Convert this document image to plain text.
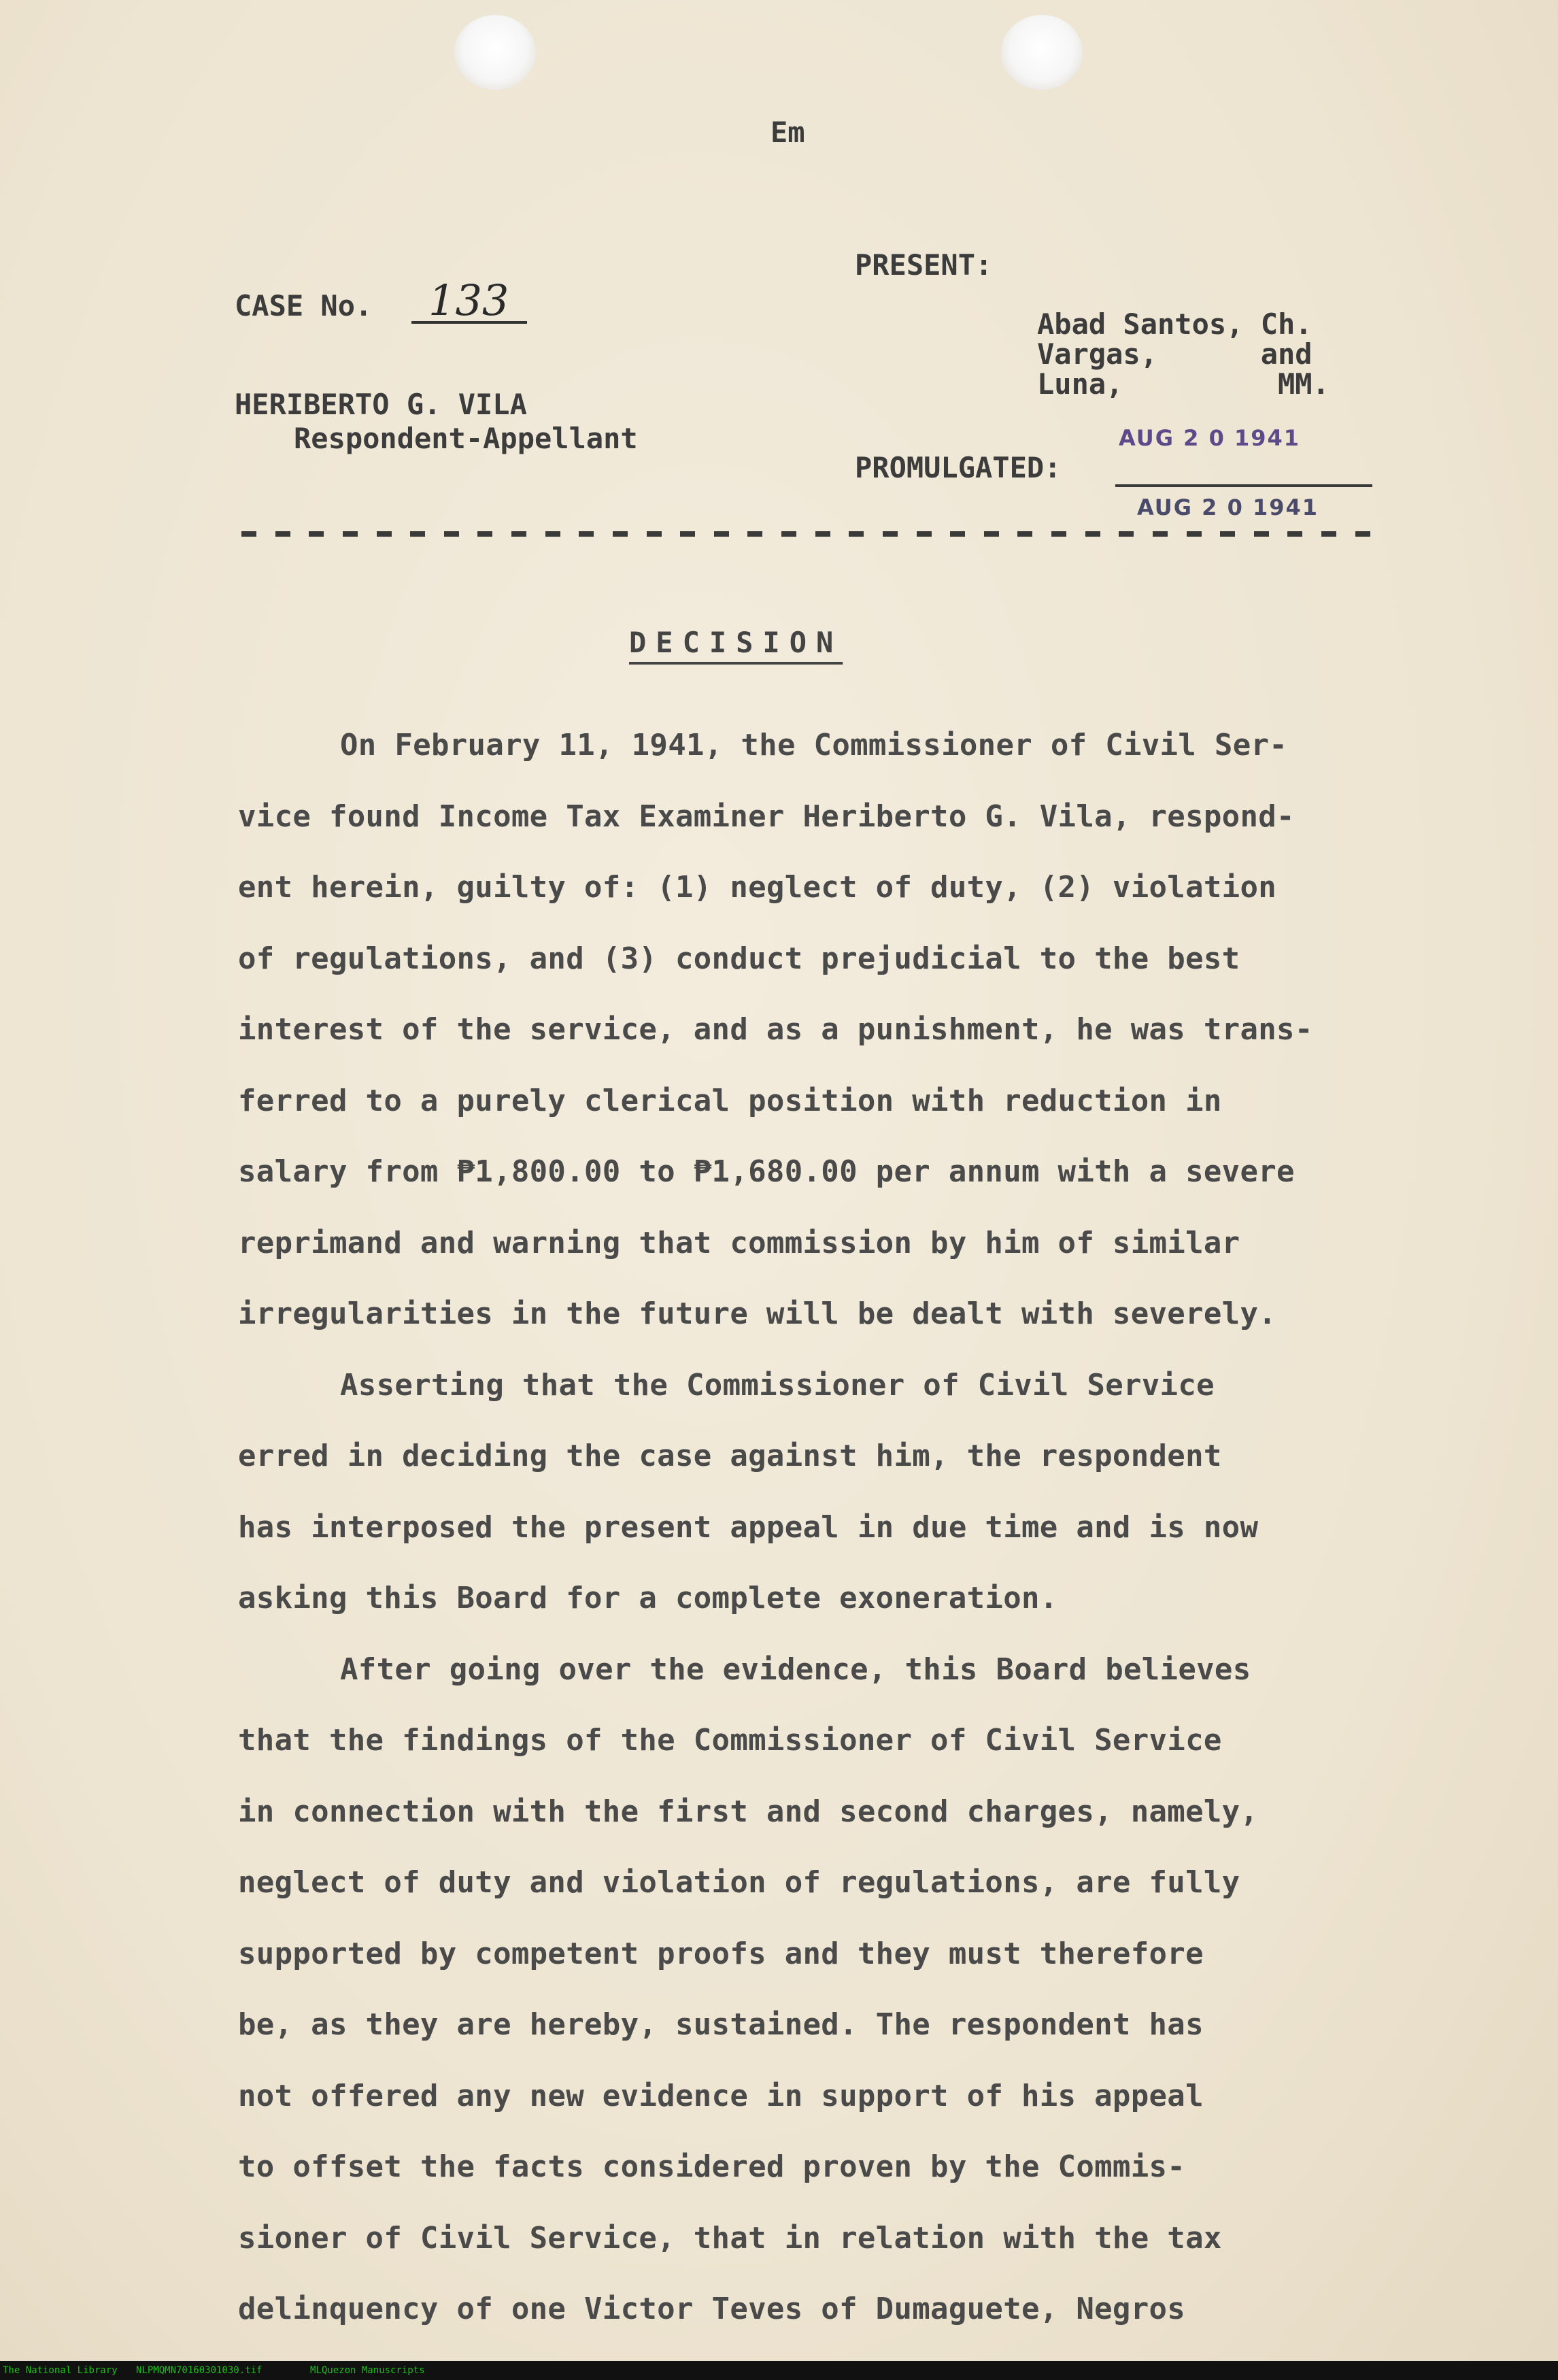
Em
CASE No. 133
PRESENT:
Abad Santos, Ch.
Vargas,      and
Luna,         MM.
HERIBERTO G. VILA
Respondent-Appellant
PROMULGATED:
AUG 2 0 1941
AUG 2 0 1941
DECISION
On February 11, 1941, the Commissioner of Civil Ser-
vice found Income Tax Examiner Heriberto G. Vila, respond-
ent herein, guilty of: (1) neglect of duty, (2) violation
of regulations, and (3) conduct prejudicial to the best
interest of the service, and as a punishment, he was trans-
ferred to a purely clerical position with reduction in
salary from ₱1,800.00 to ₱1,680.00 per annum with a severe
reprimand and warning that commission by him of similar
irregularities in the future will be dealt with severely.
Asserting that the Commissioner of Civil Service
erred in deciding the case against him, the respondent
has interposed the present appeal in due time and is now
asking this Board for a complete exoneration.
After going over the evidence, this Board believes
that the findings of the Commissioner of Civil Service
in connection with the first and second charges, namely,
neglect of duty and violation of regulations, are fully
supported by competent proofs and they must therefore
be, as they are hereby, sustained. The respondent has
not offered any new evidence in support of his appeal
to offset the facts considered proven by the Commis-
sioner of Civil Service, that in relation with the tax
delinquency of one Victor Teves of Dumaguete, Negros
The National Library NLPMQMN70160301030.tif	MLQuezon Manuscripts
